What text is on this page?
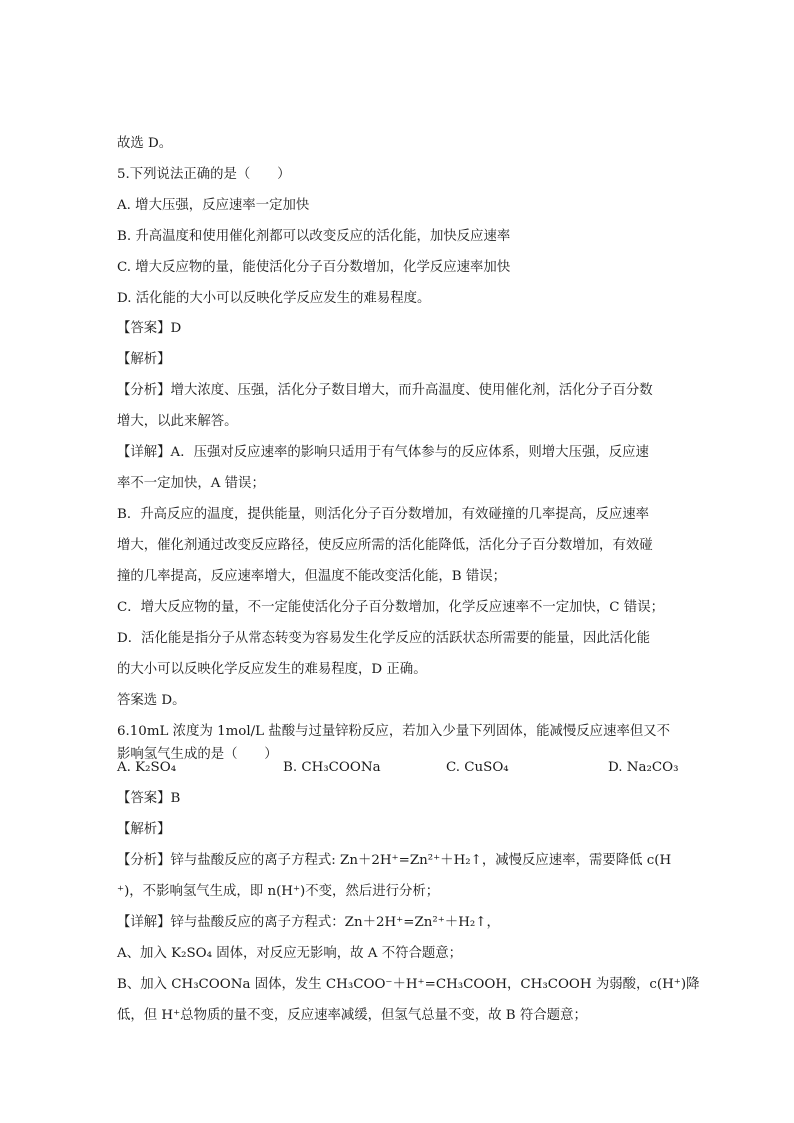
故选 D。
5.下列说法正确的是（　　）
A. 增大压强，反应速率一定加快
B. 升高温度和使用催化剂都可以改变反应的活化能，加快反应速率
C. 增大反应物的量，能使活化分子百分数增加，化学反应速率加快
D. 活化能的大小可以反映化学反应发生的难易程度。
【答案】D
【解析】
【分析】增大浓度、压强，活化分子数目增大，而升高温度、使用催化剂，活化分子百分数
增大，以此来解答。
【详解】A．压强对反应速率的影响只适用于有气体参与的反应体系，则增大压强，反应速
率不一定加快，A 错误；
B．升高反应的温度，提供能量，则活化分子百分数增加，有效碰撞的几率提高，反应速率
增大，催化剂通过改变反应路径，使反应所需的活化能降低，活化分子百分数增加，有效碰
撞的几率提高，反应速率增大，但温度不能改变活化能，B 错误；
C．增大反应物的量，不一定能使活化分子百分数增加，化学反应速率不一定加快，C 错误；
D．活化能是指分子从常态转变为容易发生化学反应的活跃状态所需要的能量，因此活化能
的大小可以反映化学反应发生的难易程度，D 正确。
答案选 D。
6.10mL 浓度为 1mol/L 盐酸与过量锌粉反应，若加入少量下列固体，能减慢反应速率但又不
影响氢气生成的是（　　）
A. K₂SO₄	B. CH₃COONa	C. CuSO₄	D. Na₂CO₃
【答案】B
【解析】
【分析】锌与盐酸反应的离子方程式: Zn＋2H⁺=Zn²⁺＋H₂↑，减慢反应速率，需要降低 c(H
⁺)，不影响氢气生成，即 n(H⁺)不变，然后进行分析；
【详解】锌与盐酸反应的离子方程式：Zn＋2H⁺=Zn²⁺＋H₂↑，
A、加入 K₂SO₄ 固体，对反应无影响，故 A 不符合题意；
B、加入 CH₃COONa 固体，发生 CH₃COO⁻＋H⁺=CH₃COOH，CH₃COOH 为弱酸，c(H⁺)降
低，但 H⁺总物质的量不变，反应速率减缓，但氢气总量不变，故 B 符合题意；
